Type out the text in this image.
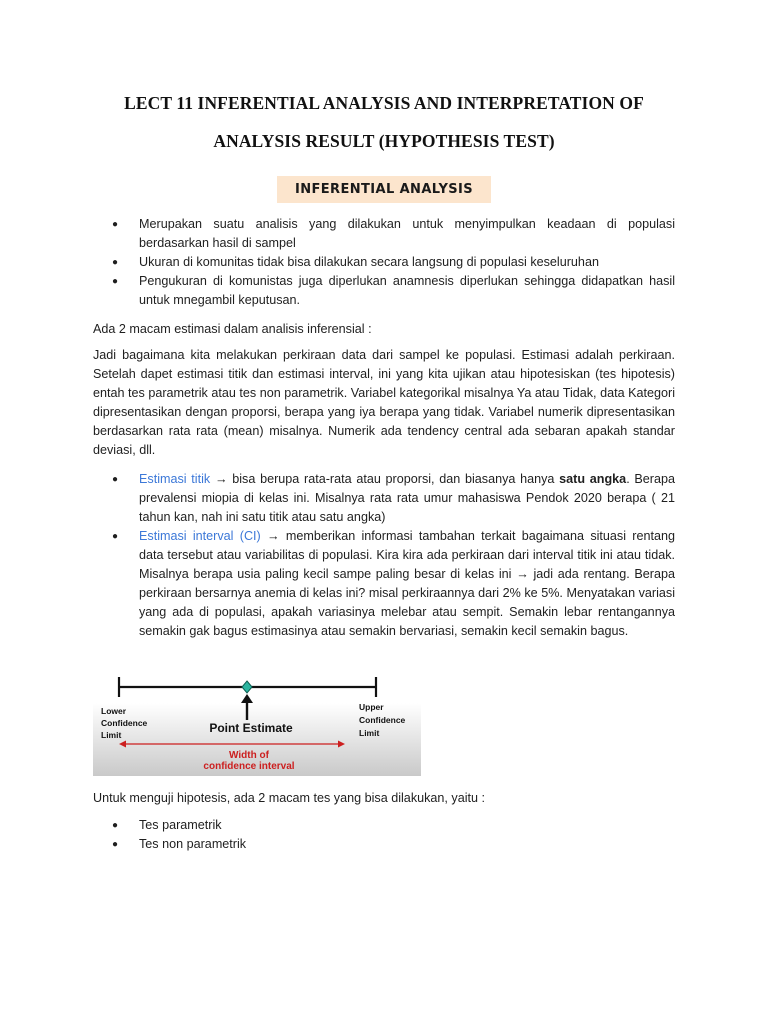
LECT 11 INFERENTIAL ANALYSIS AND INTERPRETATION OF
ANALYSIS RESULT (HYPOTHESIS TEST)
INFERENTIAL ANALYSIS
● Merupakan suatu analisis yang dilakukan untuk menyimpulkan keadaan di populasi berdasarkan hasil di sampel
● Ukuran di komunitas tidak bisa dilakukan secara langsung di populasi keseluruhan
● Pengukuran di komunistas juga diperlukan anamnesis diperlukan sehingga didapatkan hasil untuk mnegambil keputusan.

Ada 2 macam estimasi dalam analisis inferensial :

Jadi bagaimana kita melakukan perkiraan data dari sampel ke populasi. Estimasi adalah perkiraan. Setelah dapet estimasi titik dan estimasi interval, ini yang kita ujikan atau hipotesiskan (tes hipotesis) entah tes parametrik atau tes non parametrik. Variabel kategorikal misalnya Ya atau Tidak, data Kategori dipresentasikan dengan proporsi, berapa yang iya berapa yang tidak. Variabel numerik dipresentasikan berdasarkan rata rata (mean) misalnya. Numerik ada tendency central ada sebaran apakah standar deviasi, dll.

● Estimasi titik → bisa berupa rata-rata atau proporsi, dan biasanya hanya satu angka. Berapa prevalensi miopia di kelas ini. Misalnya rata rata umur mahasiswa Pendok 2020 berapa ( 21 tahun kan, nah ini satu titik atau satu angka)
● Estimasi interval (CI) → memberikan informasi tambahan terkait bagaimana situasi rentang data tersebut atau variabilitas di populasi. Kira kira ada perkiraan dari interval titik ini atau tidak. Misalnya berapa usia paling kecil sampe paling besar di kelas ini → jadi ada rentang. Berapa perkiraan bersarnya anemia di kelas ini? misal perkiraannya dari 2% ke 5%. Menyatakan variasi yang ada di populasi, apakah variasinya melebar atau sempit. Semakin lebar rentangannya semakin gak bagus estimasinya atau semakin bervariasi, semakin kecil semakin bagus.
Lower
Confidence
Limit
Upper
Confidence
Limit
Point Estimate
Width of
confidence interval

Untuk menguji hipotesis, ada 2 macam tes yang bisa dilakukan, yaitu :

● Tes parametrik
● Tes non parametrik
